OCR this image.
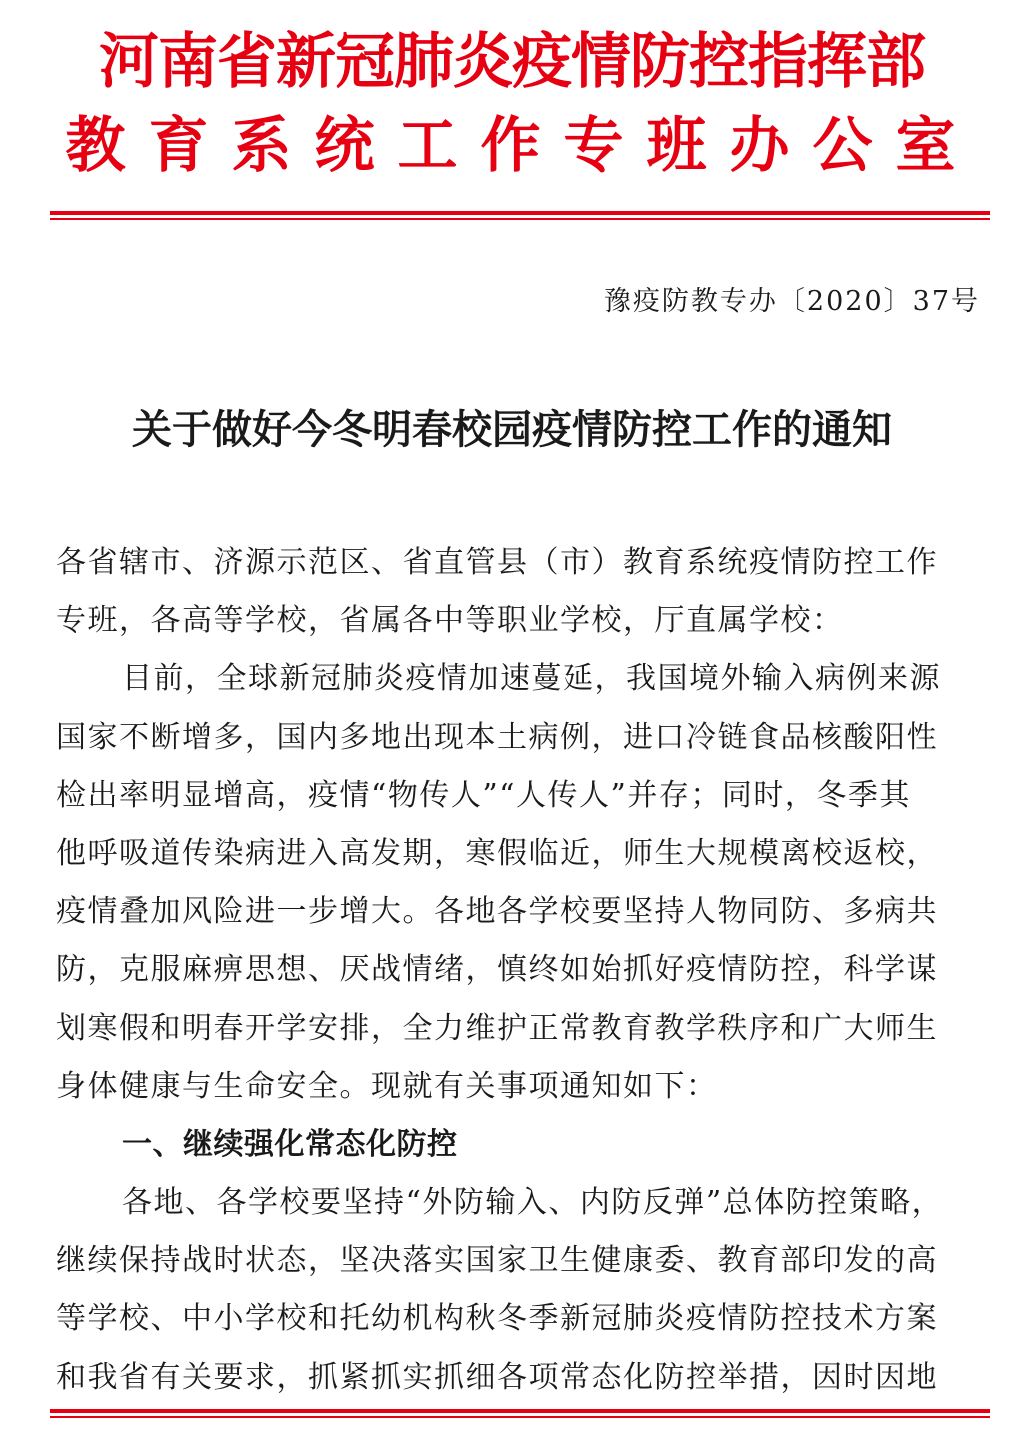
河南省新冠肺炎疫情防控指挥部
教育系统工作专班办公室
豫疫防教专办〔2020〕37号
关于做好今冬明春校园疫情防控工作的通知
各省辖市、济源示范区、省直管县（市）教育系统疫情防控工作
专班，各高等学校，省属各中等职业学校，厅直属学校：
目前，全球新冠肺炎疫情加速蔓延，我国境外输入病例来源
国家不断增多，国内多地出现本土病例，进口冷链食品核酸阳性
检出率明显增高，疫情“物传人”“人传人”并存；同时，冬季其
他呼吸道传染病进入高发期，寒假临近，师生大规模离校返校，
疫情叠加风险进一步增大。各地各学校要坚持人物同防、多病共
防，克服麻痹思想、厌战情绪，慎终如始抓好疫情防控，科学谋
划寒假和明春开学安排，全力维护正常教育教学秩序和广大师生
身体健康与生命安全。现就有关事项通知如下：
一、继续强化常态化防控
各地、各学校要坚持“外防输入、内防反弹”总体防控策略，
继续保持战时状态，坚决落实国家卫生健康委、教育部印发的高
等学校、中小学校和托幼机构秋冬季新冠肺炎疫情防控技术方案
和我省有关要求，抓紧抓实抓细各项常态化防控举措，因时因地
